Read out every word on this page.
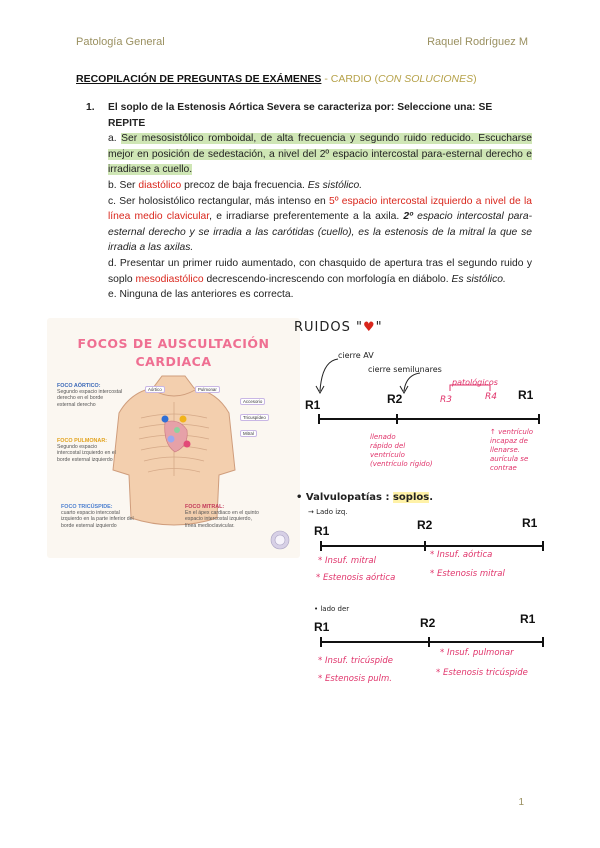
Patología General	Raquel Rodríguez M
RECOPILACIÓN DE PREGUNTAS DE EXÁMENES - CARDIO (CON SOLUCIONES)
1. El soplo de la Estenosis Aórtica Severa se caracteriza por: Seleccione una: SE REPITE

a. Ser mesosistólico romboidal, de alta frecuencia y segundo ruido reducido. Escucharse mejor en posición de sedestación, a nivel del 2º espacio intercostal para-esternal derecho e irradiarse a cuello.

b. Ser diastólico precoz de baja frecuencia. Es sistólico.

c. Ser holosistólico rectangular, más intenso en 5º espacio intercostal izquierdo a nivel de la línea medio clavicular, e irradiarse preferentemente a la axila. 2º espacio intercostal para-esternal derecho y se irradia a las carótidas (cuello), es la estenosis de la mitral la que se irradia a las axilas.

d. Presentar un primer ruido aumentado, con chasquido de apertura tras el segundo ruido y soplo mesodiastólico decrescendo-increscendo con morfología en diábolo. Es sistólico.

e. Ninguna de las anteriores es correcta.

FOCOS DE AUSCULTACIÓN
CARDIACA
Aórtico	Pulmonar
Accesorio
Tricuspídeo
Mitral
FOCO AÓRTICO:
Segundo espacio intercostal derecho en el borde esternal derecho
FOCO PULMONAR:
Segundo espacio intercostal izquierdo en el borde esternal izquierdo
FOCO TRICÚSPIDE:
cuarto espacio intercostal izquierdo en la parte inferior del borde esternal izquierdo
FOCO MITRAL:
En el ápex cardiaco en el quinto espacio intercostal izquierdo, línea medioclavicular.
RUIDOS "♥"
cierre AV
cierre semilunares
patológicos
R1	R2	R3	R4 R1
llenado
rápido del
ventrículo
(ventrículo rígido)
↑ ventrículo
incapaz de
llenarse.
aurícula se
contrae
• Valvulopatías : soplos.
→ Lado izq.
R1	R2	R1
* Insuf. mitral
* Insuf. aórtica
* Estenosis aórtica	* Estenosis mitral
• lado der
R1	R2	R1
* Insuf. tricúspide
* Insuf. pulmonar
* Estenosis pulm.
* Estenosis tricúspide
1
